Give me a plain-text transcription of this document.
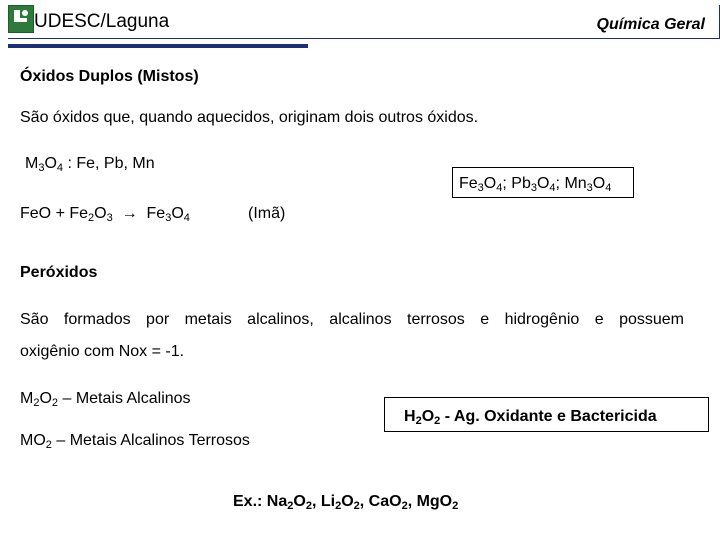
UDESC/Laguna	Química Geral
Óxidos Duplos (Mistos)
São óxidos que, quando aquecidos, originam dois outros óxidos.
$M_3O_4$ : Fe, Pb, Mn
$Fe_3O_4$; $Pb_3O_4$; $Mn_3O_4$
FeO + $Fe_2O_3 \to Fe_3O_4$	(Imã)
Peróxidos
São formados por metais alcalinos, alcalinos terrosos e hidrogênio e possuem
oxigênio com Nox = -1.
$M_2O_2$ – Metais Alcalinos
$H_2O_2$ - Ag. Oxidante e Bactericida
$MO_2$ – Metais Alcalinos Terrosos
Ex.: $Na_2O_2$, $Li_2O_2$, CaO$_2$, MgO$_2$
